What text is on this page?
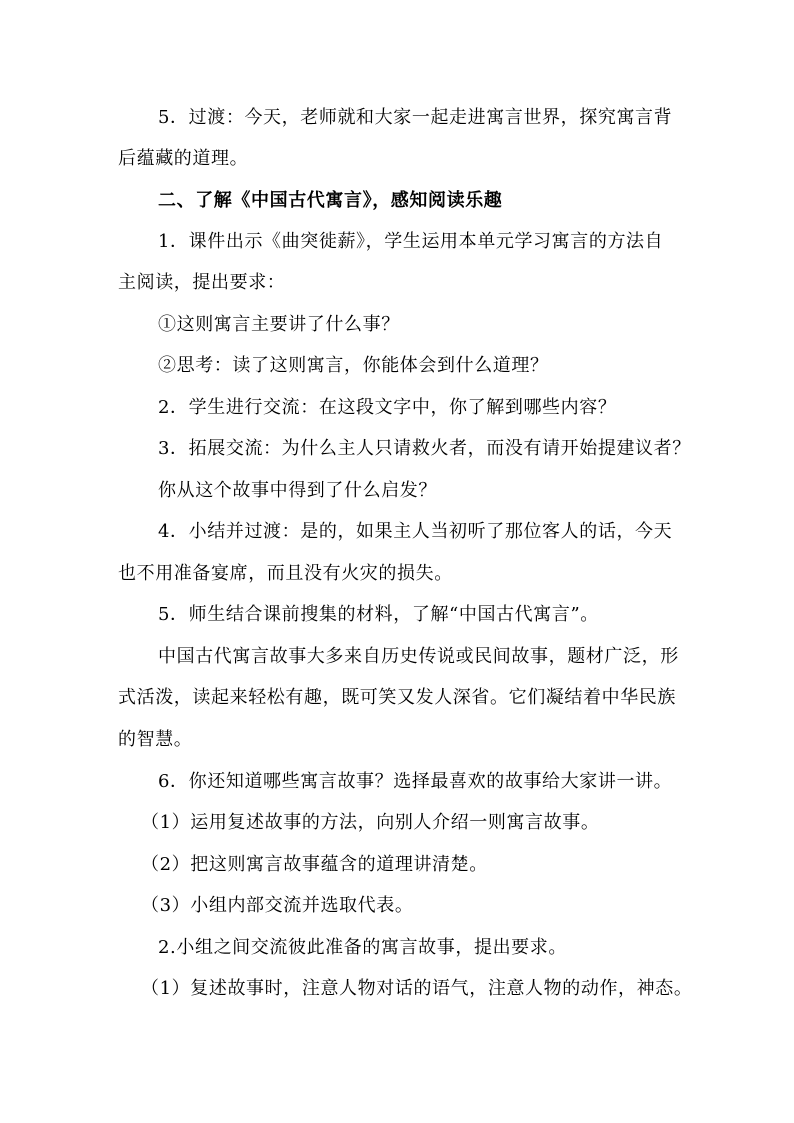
5．过渡：今天，老师就和大家一起走进寓言世界，探究寓言背
后蕴藏的道理。
二、了解《中国古代寓言》，感知阅读乐趣
1．课件出示《曲突徙薪》，学生运用本单元学习寓言的方法自
主阅读，提出要求：
①这则寓言主要讲了什么事？
②思考：读了这则寓言，你能体会到什么道理？
2．学生进行交流：在这段文字中，你了解到哪些内容？
3．拓展交流：为什么主人只请救火者，而没有请开始提建议者？
你从这个故事中得到了什么启发？
4．小结并过渡：是的，如果主人当初听了那位客人的话，今天
也不用准备宴席，而且没有火灾的损失。
5．师生结合课前搜集的材料，了解“中国古代寓言”。
中国古代寓言故事大多来自历史传说或民间故事，题材广泛，形
式活泼，读起来轻松有趣，既可笑又发人深省。它们凝结着中华民族
的智慧。
6．你还知道哪些寓言故事？选择最喜欢的故事给大家讲一讲。
（1）运用复述故事的方法，向别人介绍一则寓言故事。
（2）把这则寓言故事蕴含的道理讲清楚。
（3）小组内部交流并选取代表。
2.小组之间交流彼此准备的寓言故事，提出要求。
（1）复述故事时，注意人物对话的语气，注意人物的动作，神态。
